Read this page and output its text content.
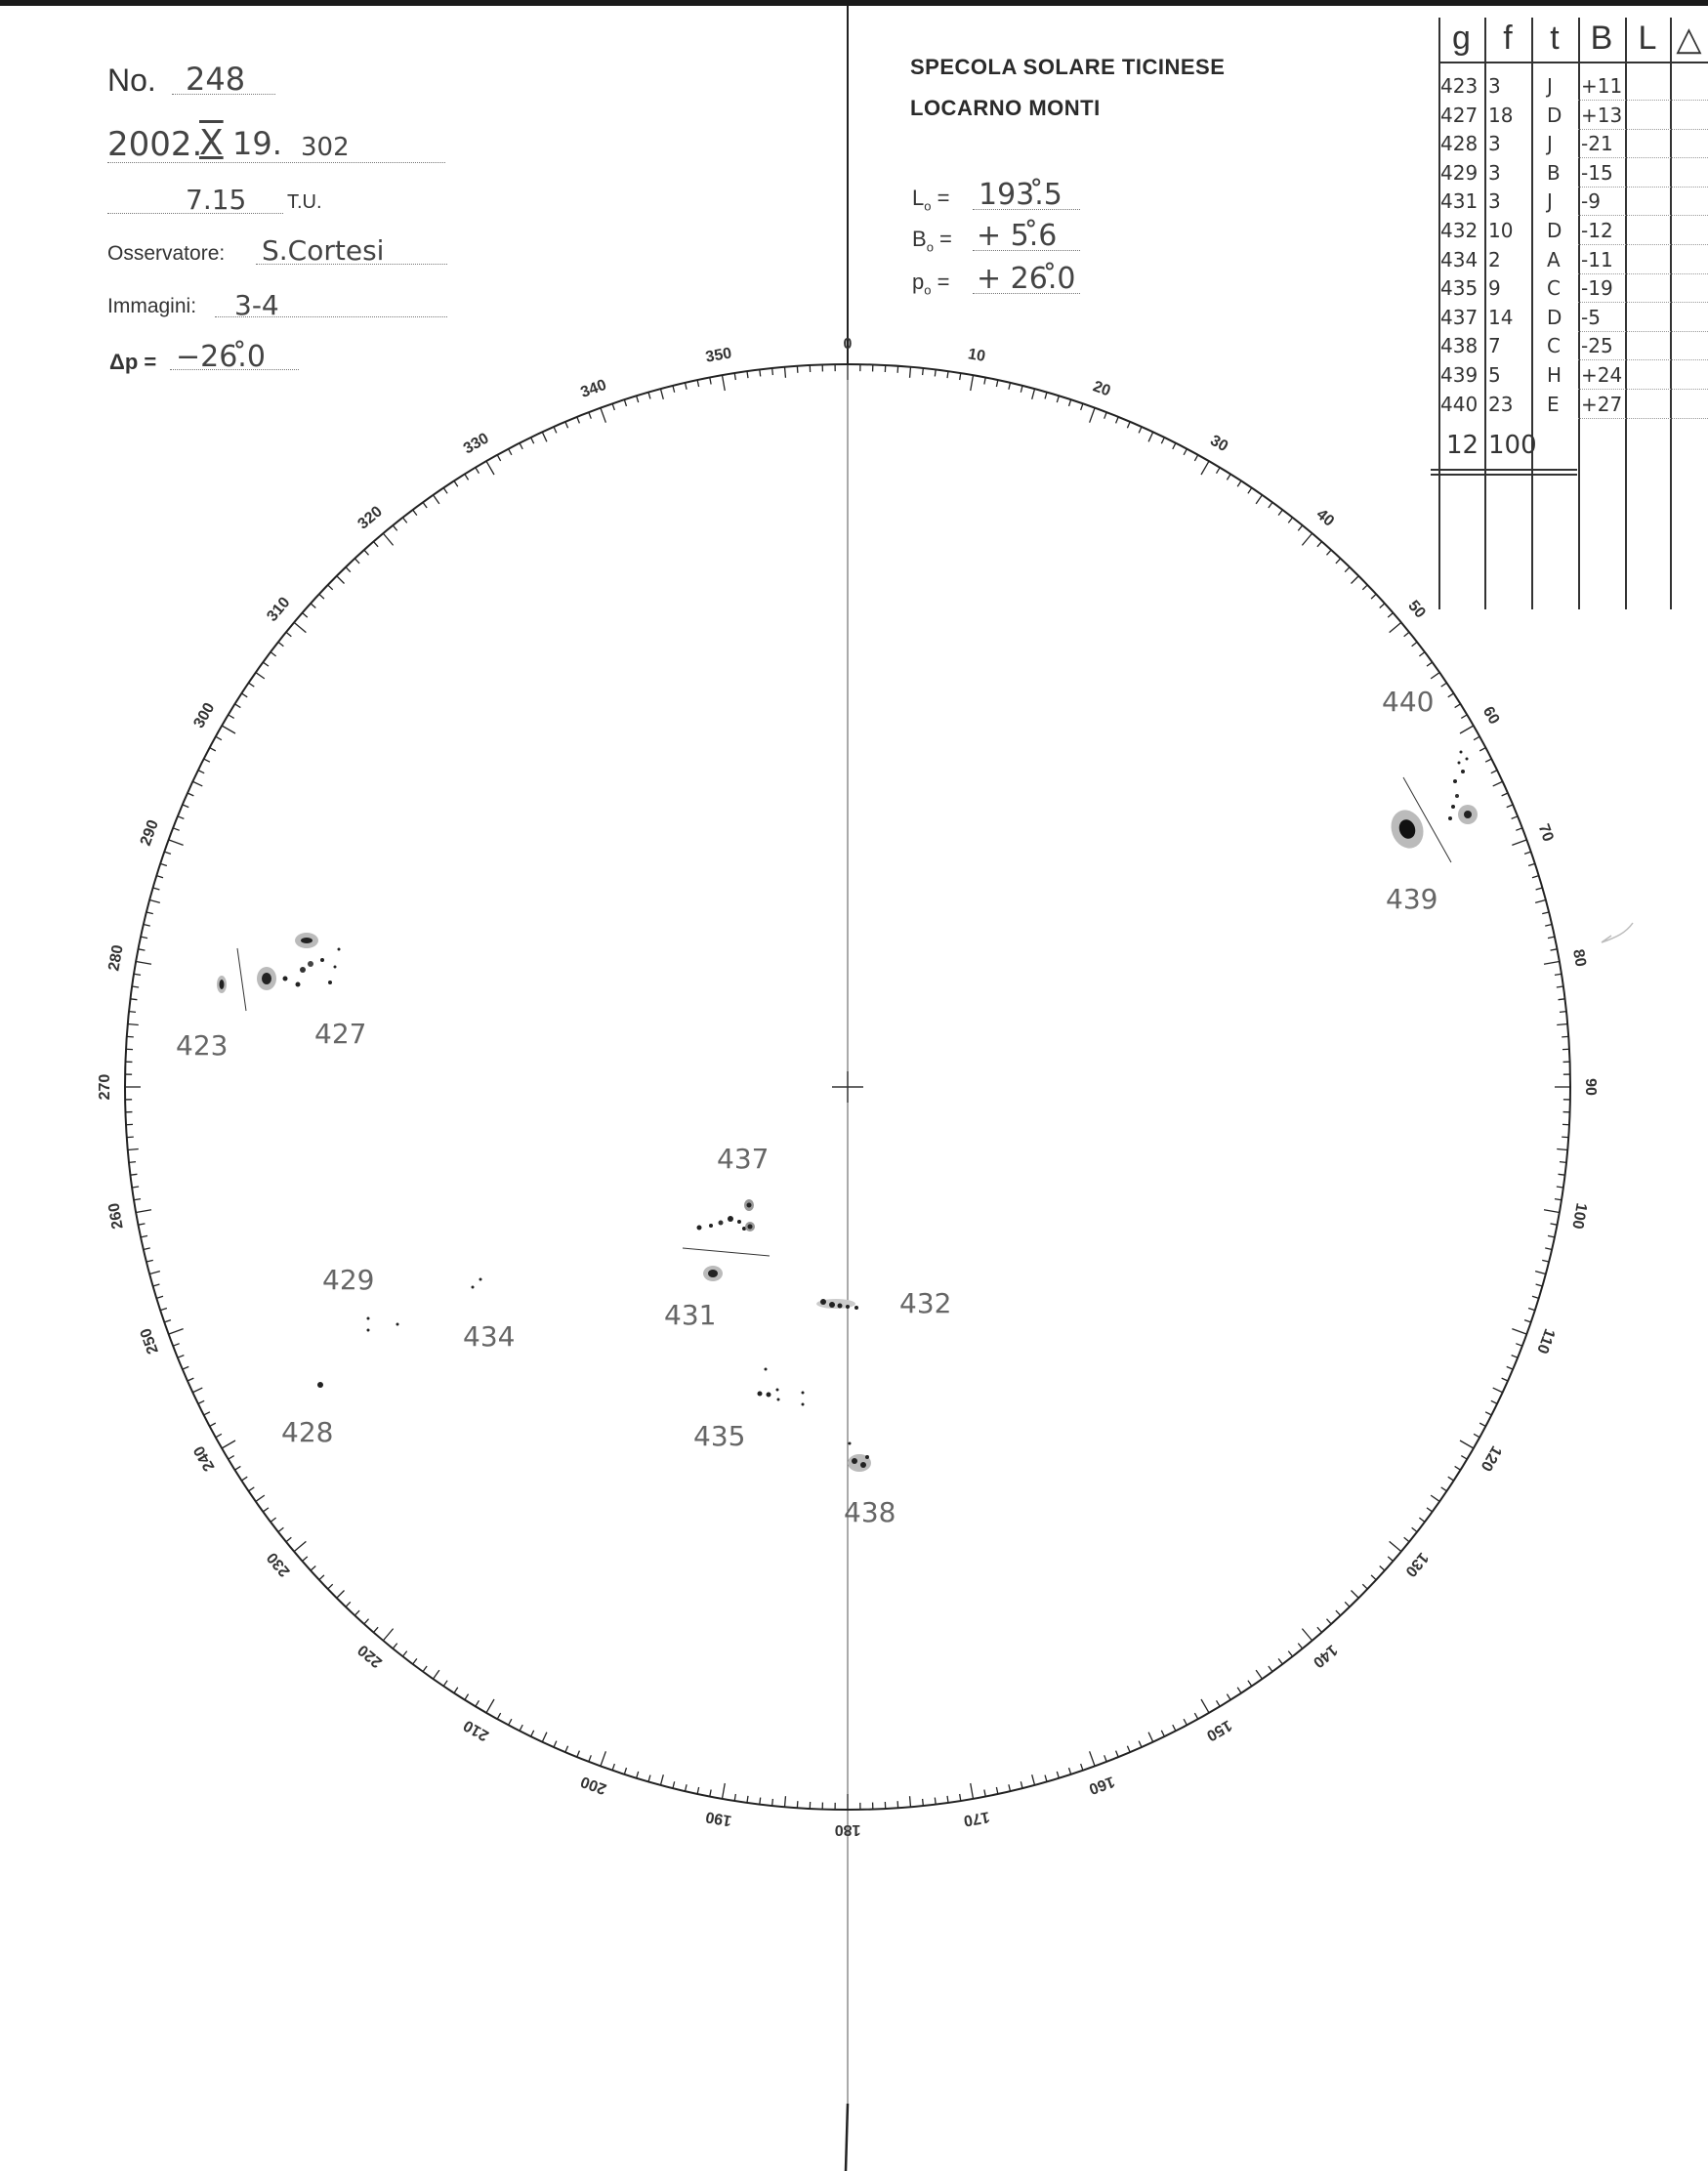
No. 248
2002.
X 19. 302
7.15 T.U.
Osservatore: S.Cortesi
Immagini: 3-4
Δp = −26.̊0
SPECOLA SOLARE TICINESE
LOCARNO MONTI
$L_o$ = 193.̊5
$B_o$ = + 5.̊6
$p_o$ = + 26.̊0
0
10
20
30
40
50
60
70
80
90
100
110
120
130
140
150
160
170
180
190
200
210
220
230
240
250
260
270
280
290
300
310
320
330
340
350
423	427
428
429
431	432
434
435
437
438
439
440
g f	t B L △
423 3 J +11
427 18 D +13
428 3 J -21
429 3 B -15
431 3 J -9
432 10 D -12
434 2 A -11
435 9 C -19
437 14 D -5
438 7 C -25
439 5 H +24
440 23 E +27
12 100
